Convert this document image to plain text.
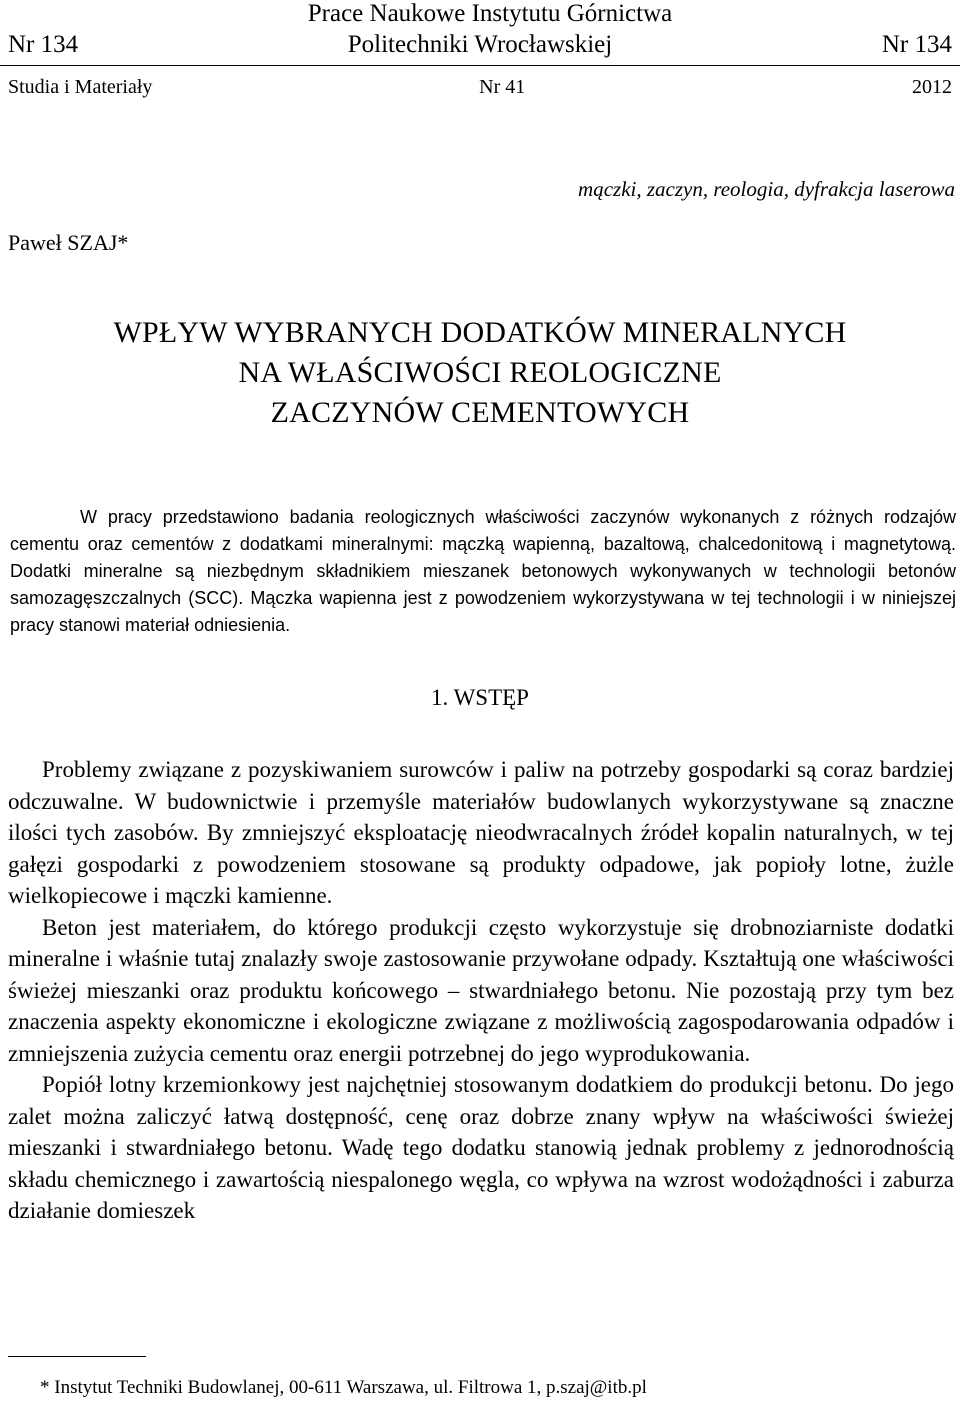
Prace Naukowe Instytutu Górnictwa
Nr 134	Politechniki Wrocławskiej	Nr 134
Studia i Materiały	Nr 41	2012
mączki, zaczyn, reologia, dyfrakcja laserowa
Paweł SZAJ*
WPŁYW WYBRANYCH DODATKÓW MINERALNYCH
NA WŁAŚCIWOŚCI REOLOGICZNE
ZACZYNÓW CEMENTOWYCH

W pracy przedstawiono badania reologicznych właściwości zaczynów wykonanych z różnych rodzajów cementu oraz cementów z dodatkami mineralnymi: mączką wapienną, bazaltową, chalcedonitową i magnetytową. Dodatki mineralne są niezbędnym składnikiem mieszanek betonowych wykonywanych w technologii betonów samozagęszczalnych (SCC). Mączka wapienna jest z powodzeniem wykorzystywana w tej technologii i w niniejszej pracy stanowi materiał odniesienia.

1. WSTĘP

Problemy związane z pozyskiwaniem surowców i paliw na potrzeby gospodarki są coraz bardziej odczuwalne. W budownictwie i przemyśle materiałów budowlanych wykorzystywane są znaczne ilości tych zasobów. By zmniejszyć eksploatację nieodwracalnych źródeł kopalin naturalnych, w tej gałęzi gospodarki z powodzeniem stosowane są produkty odpadowe, jak popioły lotne, żużle wielkopiecowe i mączki kamienne.

Beton jest materiałem, do którego produkcji często wykorzystuje się drobnoziarniste dodatki mineralne i właśnie tutaj znalazły swoje zastosowanie przywołane odpady. Kształtują one właściwości świeżej mieszanki oraz produktu końcowego – stwardniałego betonu. Nie pozostają przy tym bez znaczenia aspekty ekonomiczne i ekologiczne związane z możliwością zagospodarowania odpadów i zmniejszenia zużycia cementu oraz energii potrzebnej do jego wyprodukowania.

Popiół lotny krzemionkowy jest najchętniej stosowanym dodatkiem do produkcji betonu. Do jego zalet można zaliczyć łatwą dostępność, cenę oraz dobrze znany wpływ na właściwości świeżej mieszanki i stwardniałego betonu. Wadę tego dodatku stanowią jednak problemy z jednorodnością składu chemicznego i zawartością niespalonego węgla, co wpływa na wzrost wodożądności i zaburza działanie domieszek

* Instytut Techniki Budowlanej, 00-611 Warszawa, ul. Filtrowa 1, p.szaj@itb.pl
